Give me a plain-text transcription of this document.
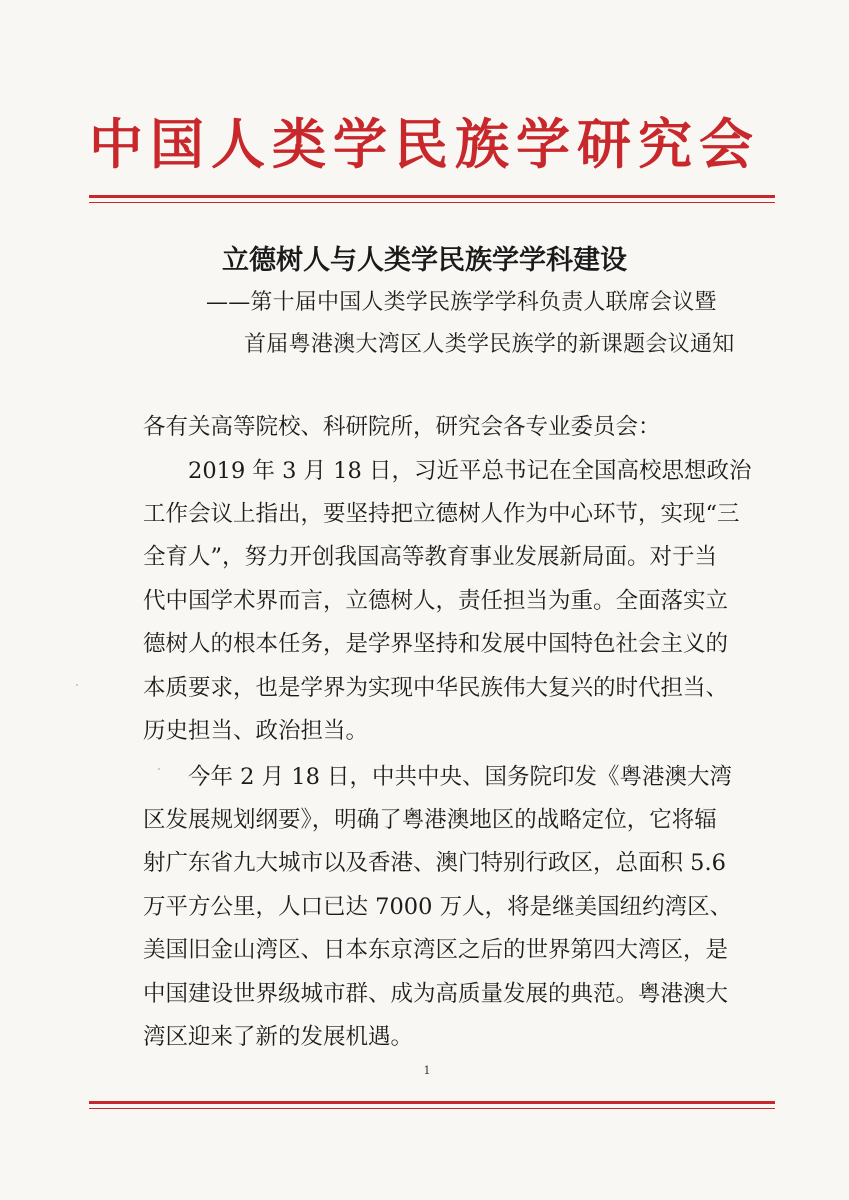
中国人类学民族学研究会
立德树人与人类学民族学学科建设
——第十届中国人类学民族学学科负责人联席会议暨
首届粤港澳大湾区人类学民族学的新课题会议通知
各有关高等院校、科研院所，研究会各专业委员会：
2019 年 3 月 18 日，习近平总书记在全国高校思想政治
工作会议上指出，要坚持把立德树人作为中心环节，实现“三
全育人”，努力开创我国高等教育事业发展新局面。对于当
代中国学术界而言，立德树人，责任担当为重。全面落实立
德树人的根本任务，是学界坚持和发展中国特色社会主义的
本质要求，也是学界为实现中华民族伟大复兴的时代担当、
历史担当、政治担当。
今年 2 月 18 日，中共中央、国务院印发《粤港澳大湾
区发展规划纲要》，明确了粤港澳地区的战略定位，它将辐
射广东省九大城市以及香港、澳门特别行政区，总面积 5.6
万平方公里，人口已达 7000 万人，将是继美国纽约湾区、
美国旧金山湾区、日本东京湾区之后的世界第四大湾区，是
中国建设世界级城市群、成为高质量发展的典范。粤港澳大
湾区迎来了新的发展机遇。
1
